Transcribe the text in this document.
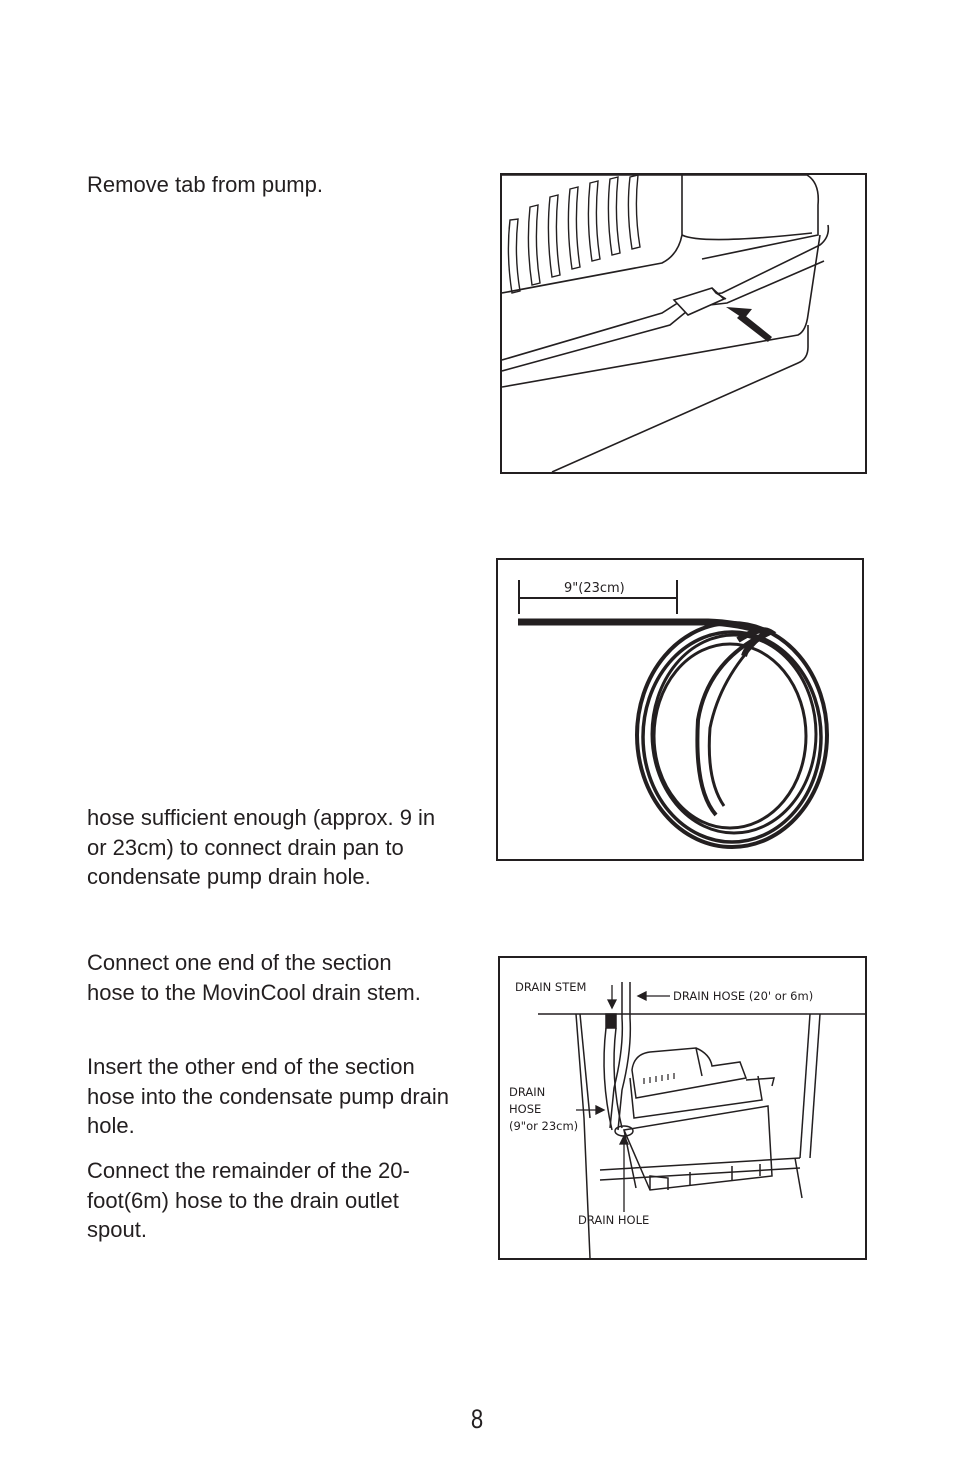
Remove tab from pump.
hose sufficient enough (approx. 9 in or 23cm) to connect drain pan to condensate pump drain hole.
Connect one end of the section hose to the MovinCool drain stem.
Insert the other end of the section hose into the condensate pump drain hole.
Connect the remainder of the 20-foot(6m) hose to the drain outlet spout.
9"(23cm)
DRAIN STEM
DRAIN HOSE (20' or 6m)
DRAIN
HOSE
(9"or 23cm)
DRAIN HOLE
8
